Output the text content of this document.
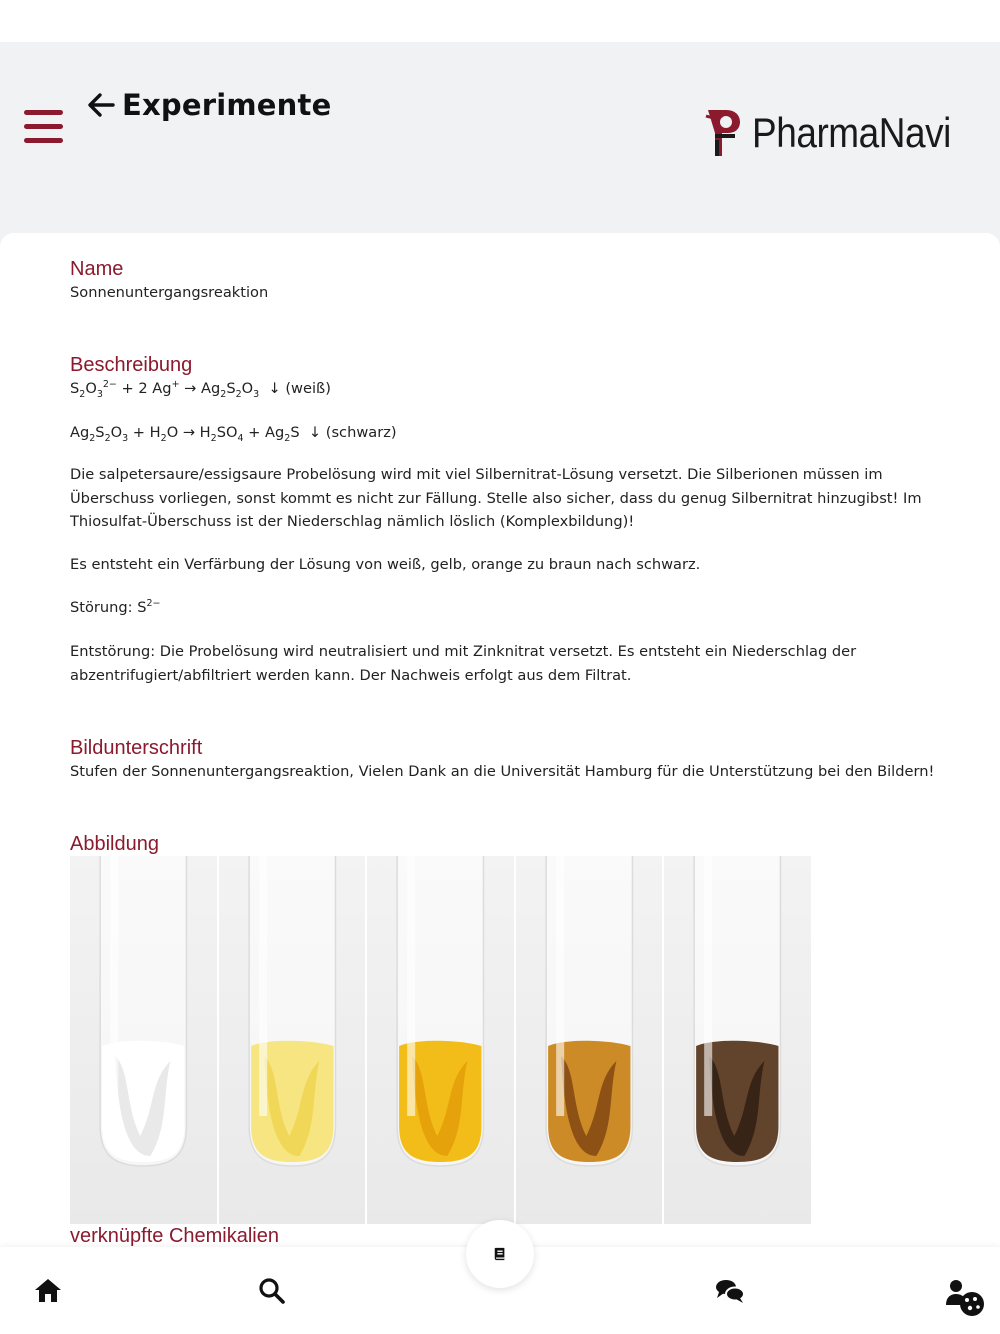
Experimente
PharmaNavi
Name

Sonnenuntergangsreaktion

Beschreibung

$S_2O_3^{2-} + 2$ $Ag^+ \to Ag_2S_2O_3$  ↓ (weiß)

$Ag_2S_2O_3 + H_2O \to H_2SO_4 + Ag_2S$  ↓ (schwarz)

Die salpetersaure/essigsaure Probelösung wird mit viel Silbernitrat-Lösung versetzt. Die Silberionen müssen im Überschuss vorliegen, sonst kommt es nicht zur Fällung. Stelle also sicher, dass du genug Silbernitrat hinzugibst! Im Thiosulfat-Überschuss ist der Niederschlag nämlich löslich (Komplexbildung)!

Es entsteht ein Verfärbung der Lösung von weiß, gelb, orange zu braun nach schwarz.

Störung: $S^{2-}$

Entstörung: Die Probelösung wird neutralisiert und mit Zinknitrat versetzt. Es entsteht ein Niederschlag der abzentrifugiert/abfiltriert werden kann. Der Nachweis erfolgt aus dem Filtrat.

Bildunterschrift

Stufen der Sonnenuntergangsreaktion, Vielen Dank an die Universität Hamburg für die Unterstützung bei den Bildern!

Abbildung
verknüpfte Chemikalien
